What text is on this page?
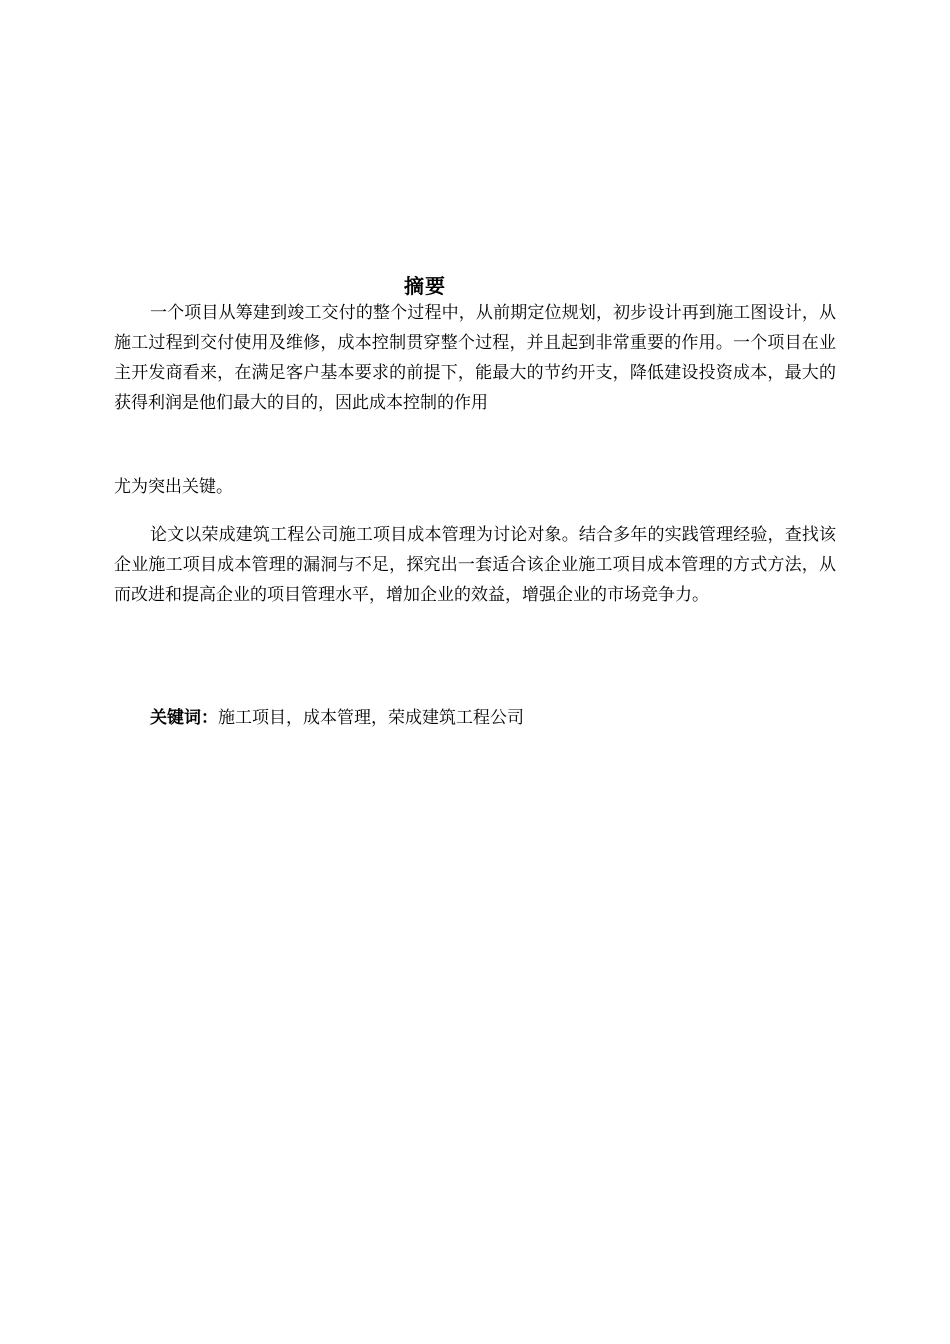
摘要

一个项目从筹建到竣工交付的整个过程中，从前期定位规划，初步设计再到施工图设计，从施工过程到交付使用及维修，成本控制贯穿整个过程，并且起到非常重要的作用。一个项目在业主开发商看来，在满足客户基本要求的前提下，能最大的节约开支，降低建设投资成本，最大的获得利润是他们最大的目的，因此成本控制的作用

尤为突出关键。

论文以荣成建筑工程公司施工项目成本管理为讨论对象。结合多年的实践管理经验，查找该企业施工项目成本管理的漏洞与不足，探究出一套适合该企业施工项目成本管理的方式方法，从而改进和提高企业的项目管理水平，增加企业的效益，增强企业的市场竞争力。

关键词：施工项目，成本管理，荣成建筑工程公司
